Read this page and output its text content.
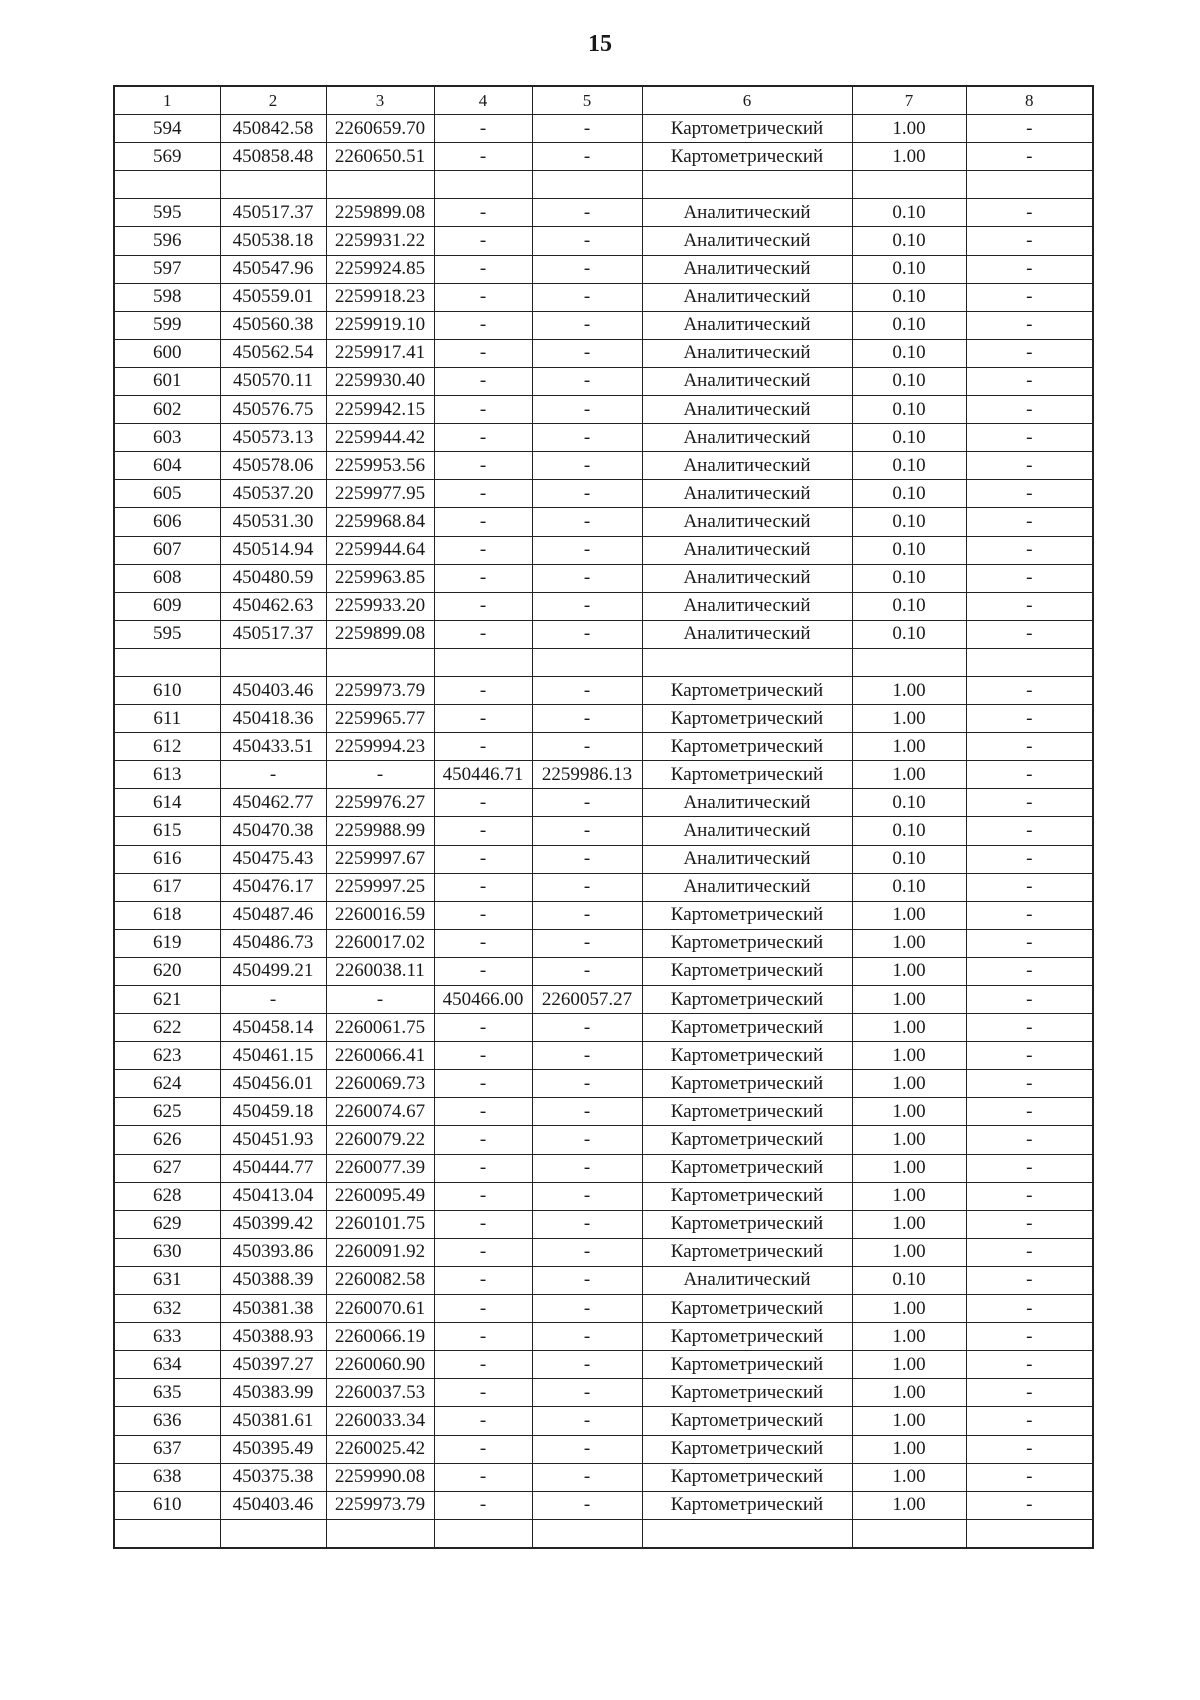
15
1	2	3	4	5	6	7	8
594	450842.58	2260659.70	-	-	Картометрический	1.00	-
569	450858.48	2260650.51	-	-	Картометрический	1.00	-

595	450517.37	2259899.08	-	-	Аналитический	0.10	-
596	450538.18	2259931.22	-	-	Аналитический	0.10	-
597	450547.96	2259924.85	-	-	Аналитический	0.10	-
598	450559.01	2259918.23	-	-	Аналитический	0.10	-
599	450560.38	2259919.10	-	-	Аналитический	0.10	-
600	450562.54	2259917.41	-	-	Аналитический	0.10	-
601	450570.11	2259930.40	-	-	Аналитический	0.10	-
602	450576.75	2259942.15	-	-	Аналитический	0.10	-
603	450573.13	2259944.42	-	-	Аналитический	0.10	-
604	450578.06	2259953.56	-	-	Аналитический	0.10	-
605	450537.20	2259977.95	-	-	Аналитический	0.10	-
606	450531.30	2259968.84	-	-	Аналитический	0.10	-
607	450514.94	2259944.64	-	-	Аналитический	0.10	-
608	450480.59	2259963.85	-	-	Аналитический	0.10	-
609	450462.63	2259933.20	-	-	Аналитический	0.10	-
595	450517.37	2259899.08	-	-	Аналитический	0.10	-

610	450403.46	2259973.79	-	-	Картометрический	1.00	-
611	450418.36	2259965.77	-	-	Картометрический	1.00	-
612	450433.51	2259994.23	-	-	Картометрический	1.00	-
613	-	-	450446.71	2259986.13	Картометрический	1.00	-
614	450462.77	2259976.27	-	-	Аналитический	0.10	-
615	450470.38	2259988.99	-	-	Аналитический	0.10	-
616	450475.43	2259997.67	-	-	Аналитический	0.10	-
617	450476.17	2259997.25	-	-	Аналитический	0.10	-
618	450487.46	2260016.59	-	-	Картометрический	1.00	-
619	450486.73	2260017.02	-	-	Картометрический	1.00	-
620	450499.21	2260038.11	-	-	Картометрический	1.00	-
621	-	-	450466.00	2260057.27	Картометрический	1.00	-
622	450458.14	2260061.75	-	-	Картометрический	1.00	-
623	450461.15	2260066.41	-	-	Картометрический	1.00	-
624	450456.01	2260069.73	-	-	Картометрический	1.00	-
625	450459.18	2260074.67	-	-	Картометрический	1.00	-
626	450451.93	2260079.22	-	-	Картометрический	1.00	-
627	450444.77	2260077.39	-	-	Картометрический	1.00	-
628	450413.04	2260095.49	-	-	Картометрический	1.00	-
629	450399.42	2260101.75	-	-	Картометрический	1.00	-
630	450393.86	2260091.92	-	-	Картометрический	1.00	-
631	450388.39	2260082.58	-	-	Аналитический	0.10	-
632	450381.38	2260070.61	-	-	Картометрический	1.00	-
633	450388.93	2260066.19	-	-	Картометрический	1.00	-
634	450397.27	2260060.90	-	-	Картометрический	1.00	-
635	450383.99	2260037.53	-	-	Картометрический	1.00	-
636	450381.61	2260033.34	-	-	Картометрический	1.00	-
637	450395.49	2260025.42	-	-	Картометрический	1.00	-
638	450375.38	2259990.08	-	-	Картометрический	1.00	-
610	450403.46	2259973.79	-	-	Картометрический	1.00	-
